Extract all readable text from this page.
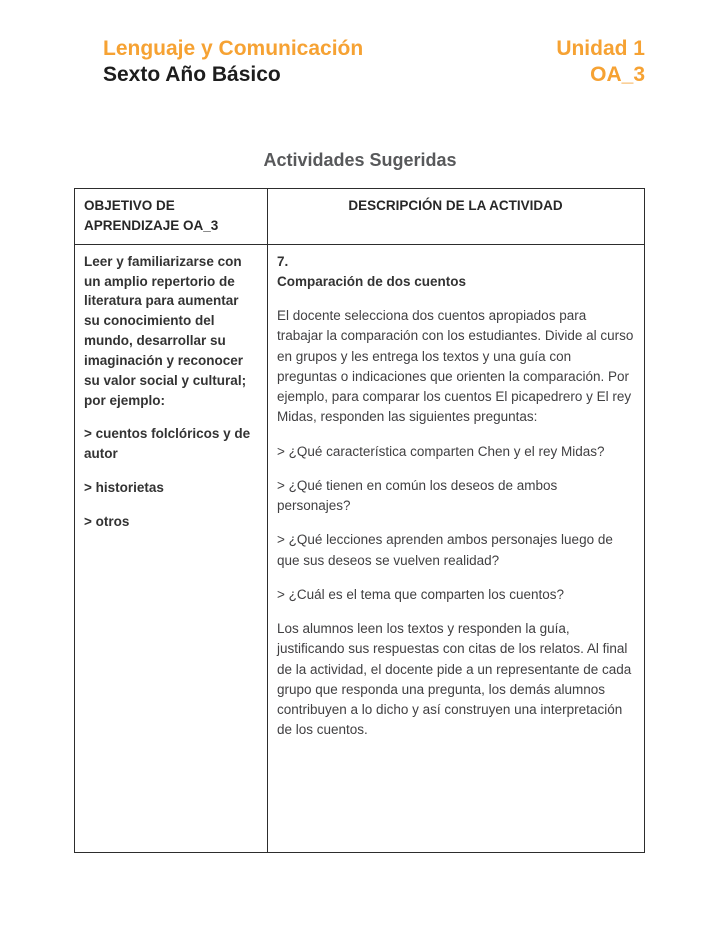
Lenguaje y Comunicación
Sexto Año Básico
Unidad 1
OA_3
Actividades Sugeridas
OBJETIVO DE APRENDIZAJE OA_3
DESCRIPCIÓN DE LA ACTIVIDAD

Leer y familiarizarse con un amplio repertorio de literatura para aumentar su conocimiento del mundo, desarrollar su imaginación y reconocer su valor social y cultural; por ejemplo:

> cuentos folclóricos y de autor

> historietas

> otros

7.

Comparación de dos cuentos

El docente selecciona dos cuentos apropiados para trabajar la comparación con los estudiantes. Divide al curso en grupos y les entrega los textos y una guía con preguntas o indicaciones que orienten la comparación. Por ejemplo, para comparar los cuentos El picapedrero y El rey Midas, responden las siguientes preguntas:

> ¿Qué característica comparten Chen y el rey Midas?

> ¿Qué tienen en común los deseos de ambos personajes?

> ¿Qué lecciones aprenden ambos personajes luego de que sus deseos se vuelven realidad?

> ¿Cuál es el tema que comparten los cuentos?

Los alumnos leen los textos y responden la guía, justificando sus respuestas con citas de los relatos. Al final de la actividad, el docente pide a un representante de cada grupo que responda una pregunta, los demás alumnos contribuyen a lo dicho y así construyen una interpretación de los cuentos.
